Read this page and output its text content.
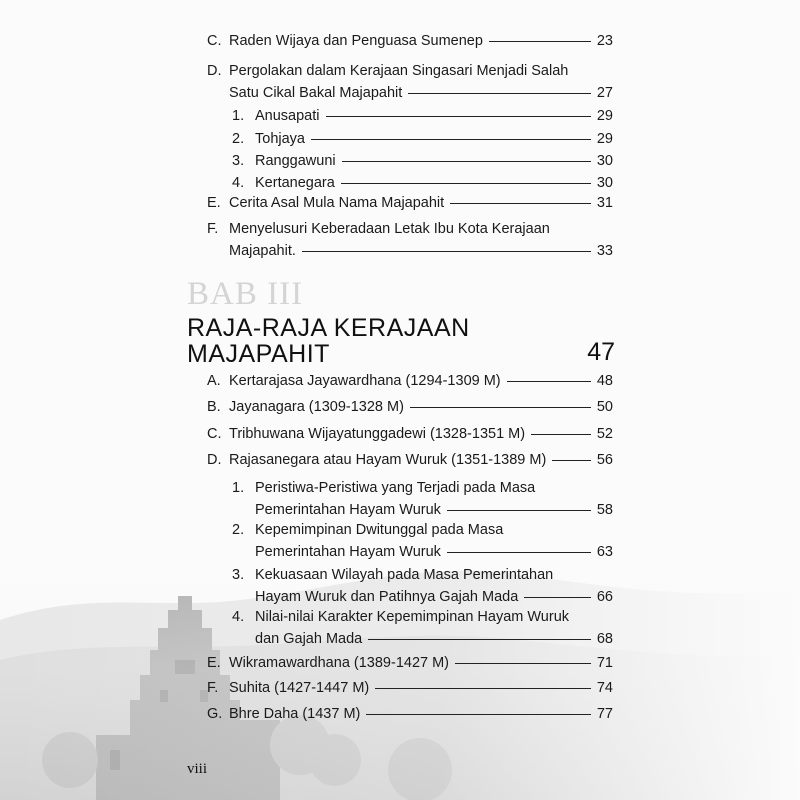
C. Raden Wijaya dan Penguasa Sumenep	23
D. Pergolakan dalam Kerajaan Singasari Menjadi Salah
Satu Cikal Bakal Majapahit	27
1. Anusapati	29
2. Tohjaya	29
3. Ranggawuni	30
4. Kertanegara	30
E. Cerita Asal Mula Nama Majapahit	31
F. Menyelusuri Keberadaan Letak Ibu Kota Kerajaan
Majapahit.	33
BAB III
RAJA-RAJA KERAJAAN
MAJAPAHIT	47
A. Kertarajasa Jayawardhana (1294-1309 M)	48
B. Jayanagara (1309-1328 M)	50
C. Tribhuwana Wijayatunggadewi (1328-1351 M)	52
D. Rajasanegara atau Hayam Wuruk (1351-1389 M)	56
1. Peristiwa-Peristiwa yang Terjadi pada Masa
Pemerintahan Hayam Wuruk	58
2. Kepemimpinan Dwitunggal pada Masa
Pemerintahan Hayam Wuruk	63
3. Kekuasaan Wilayah pada Masa Pemerintahan
Hayam Wuruk dan Patihnya Gajah Mada	66
4. Nilai-nilai Karakter Kepemimpinan Hayam Wuruk
dan Gajah Mada	68
E. Wikramawardhana (1389-1427 M)	71
F. Suhita (1427-1447 M)	74
G. Bhre Daha (1437 M)	77
viii
